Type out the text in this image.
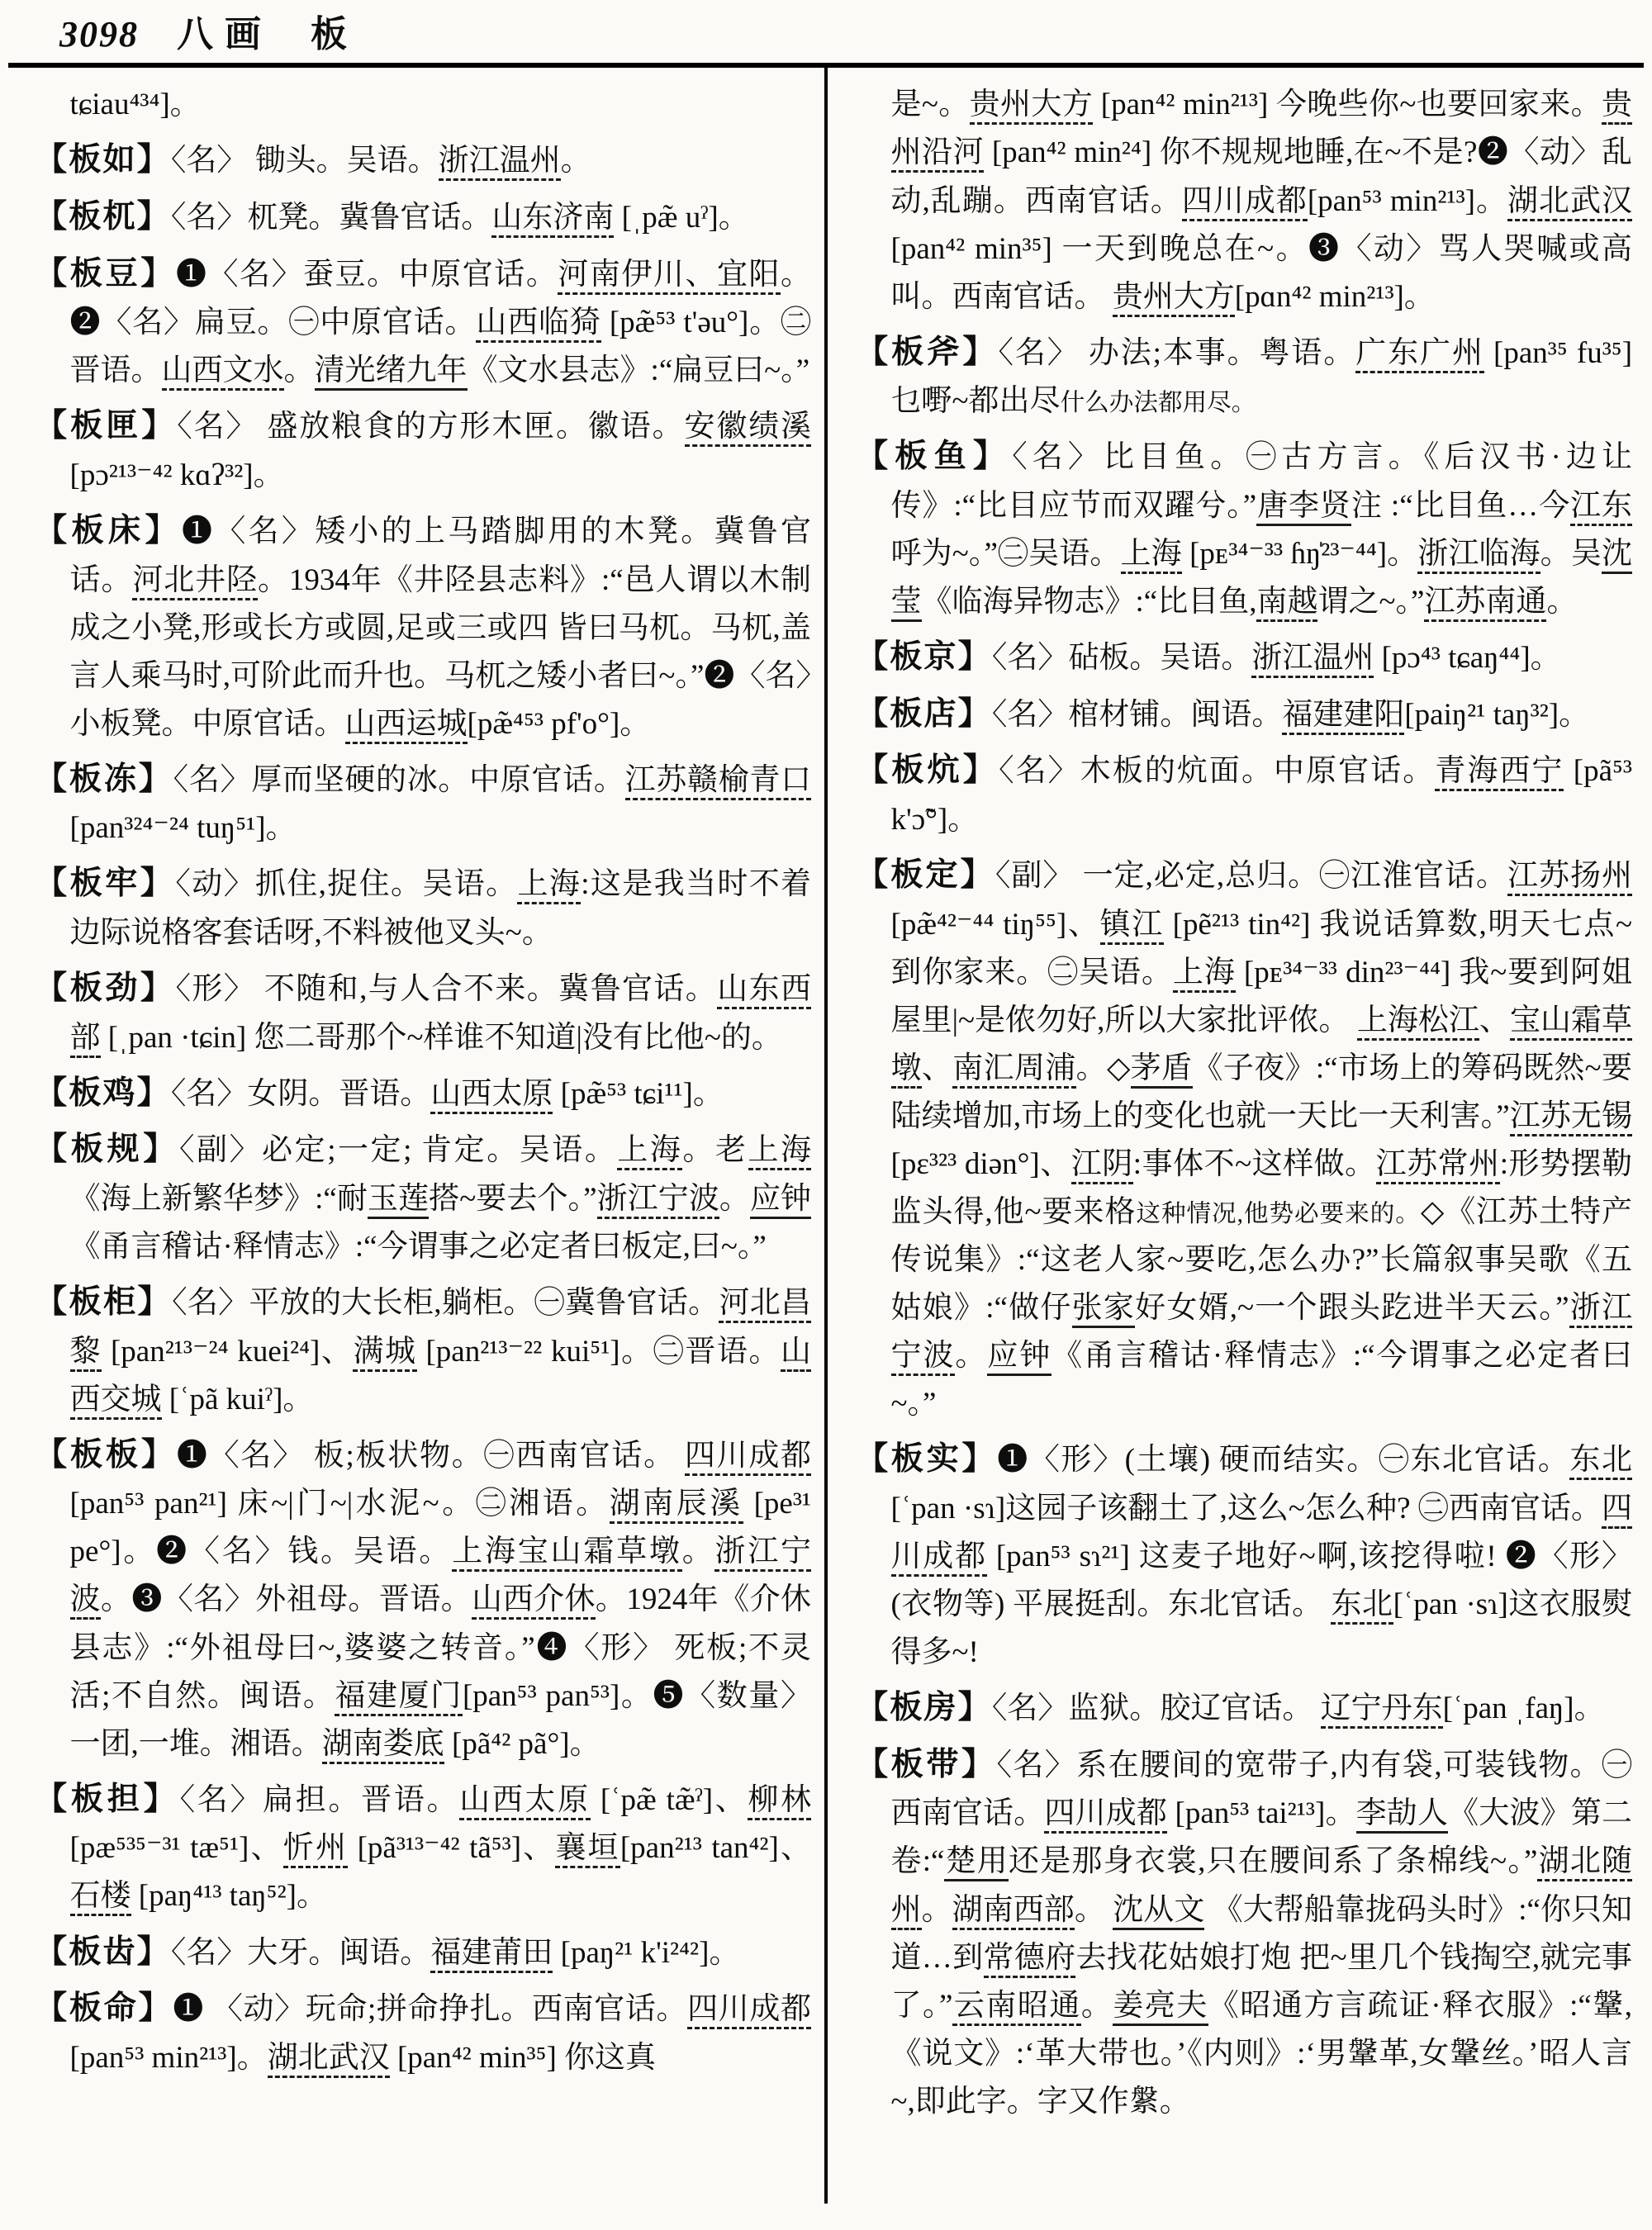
3098 八画 板
tɕiau⁴³⁴]。
【板如】〈名〉 锄头。吴语。浙江温州。
【板杌】〈名〉杌凳。冀鲁官话。山东济南 [ˌpæ̃ uˀ]。
【板豆】❶〈名〉蚕豆。中原官话。河南伊川、宜阳。❷〈名〉扁豆。㊀中原官话。山西临猗 [pæ̃⁵³ t'əu°]。㊁晋语。山西文水。清光绪九年《文水县志》:“扁豆曰~。”
【板匣】〈名〉 盛放粮食的方形木匣。徽语。安徽绩溪 [pɔ²¹³⁻⁴² kɑʔ³²]。
【板床】❶〈名〉矮小的上马踏脚用的木凳。冀鲁官话。河北井陉。1934年《井陉县志料》:“邑人谓以木制成之小凳,形或长方或圆,足或三或四 皆曰马杌。马杌,盖言人乘马时,可阶此而升也。马杌之矮小者曰~。”❷〈名〉小板凳。中原官话。山西运城[pæ̃⁴⁵³ pf'o°]。
【板冻】〈名〉厚而坚硬的冰。中原官话。江苏赣榆青口 [pan³²⁴⁻²⁴ tuŋ⁵¹]。
【板牢】〈动〉抓住,捉住。吴语。上海:这是我当时不着边际说格客套话呀,不料被他叉头~。
【板劲】〈形〉 不随和,与人合不来。冀鲁官话。山东西部 [ˌpan ·tɕin] 您二哥那个~样谁不知道|没有比他~的。
【板鸡】〈名〉女阴。晋语。山西太原 [pæ̃⁵³ tɕi¹¹]。
【板规】〈副〉必定;一定; 肯定。吴语。上海。老上海《海上新繁华梦》:“耐玉莲搭~要去个。”浙江宁波。应钟《甬言稽诂·释情志》:“今谓事之必定者曰板定,曰~。”
【板柜】〈名〉平放的大长柜,躺柜。㊀冀鲁官话。河北昌黎 [pan²¹³⁻²⁴ kuei²⁴]、满城 [pan²¹³⁻²² kui⁵¹]。㊁晋语。山西交城 [ʿpã kuiˀ]。
【板板】❶〈名〉 板;板状物。㊀西南官话。 四川成都 [pan⁵³ pan²¹] 床~|门~|水泥~。㊁湘语。湖南辰溪 [pe³¹ pe°]。❷〈名〉钱。吴语。上海宝山霜草墩。浙江宁波。❸〈名〉外祖母。晋语。山西介休。1924年《介休县志》:“外祖母曰~,婆婆之转音。”❹〈形〉 死板;不灵活;不自然。闽语。福建厦门[pan⁵³ pan⁵³]。❺〈数量〉一团,一堆。湘语。湖南娄底 [pã⁴² pã°]。
【板担】〈名〉扁担。晋语。山西太原 [ʿpæ̃ tæ̃ˀ]、柳林[pæ⁵³⁵⁻³¹ tæ⁵¹]、忻州 [pã³¹³⁻⁴² tã⁵³]、襄垣[pan²¹³ tan⁴²]、石楼 [paŋ⁴¹³ taŋ⁵²]。
【板齿】〈名〉大牙。闽语。福建莆田 [paŋ²¹ k'i²⁴²]。
【板命】❶ 〈动〉玩命;拼命挣扎。西南官话。四川成都[pan⁵³ min²¹³]。湖北武汉 [pan⁴² min³⁵] 你这真
是~。贵州大方 [pan⁴² min²¹³] 今晚些你~也要回家来。贵州沿河 [pan⁴² min²⁴] 你不规规地睡,在~不是?❷〈动〉乱动,乱蹦。西南官话。四川成都[pan⁵³ min²¹³]。湖北武汉[pan⁴² min³⁵] 一天到晚总在~。❸〈动〉骂人哭喊或高叫。西南官话。 贵州大方[pɑn⁴² min²¹³]。
【板斧】〈名〉 办法;本事。粤语。广东广州 [pan³⁵ fu³⁵] 乜嘢~都出尽什么办法都用尽。
【板鱼】〈名〉比目鱼。㊀古方言。《后汉书·边让传》:“比目应节而双躍兮。”唐李贤注 :“比目鱼…今江东呼为~。”㊁吴语。上海 [pᴇ³⁴⁻³³ ɦŋ̍²³⁻⁴⁴]。浙江临海。吴沈莹《临海异物志》:“比目鱼,南越谓之~。”江苏南通。
【板京】〈名〉砧板。吴语。浙江温州 [pɔ⁴³ tɕaŋ⁴⁴]。
【板店】〈名〉棺材铺。闽语。福建建阳[paiŋ²¹ taŋ³²]。
【板炕】〈名〉木板的炕面。中原官话。青海西宁 [pã⁵³ k'ɔ̃°]。
【板定】〈副〉 一定,必定,总归。㊀江淮官话。江苏扬州 [pæ̃⁴²⁻⁴⁴ tiŋ⁵⁵]、镇江 [pẽ²¹³ tin⁴²] 我说话算数,明天七点~到你家来。㊁吴语。上海 [pᴇ³⁴⁻³³ din²³⁻⁴⁴] 我~要到阿姐屋里|~是侬勿好,所以大家批评侬。 上海松江、宝山霜草墩、南汇周浦。◇茅盾《子夜》:“市场上的筹码既然~要陆续增加,市场上的变化也就一天比一天利害。”江苏无锡 [pɛ³²³ diən°]、江阴:事体不~这样做。江苏常州:形势摆勒监头得,他~要来格这种情况,他势必要来的。◇《江苏土特产传说集》:“这老人家~要吃,怎么办?”长篇叙事吴歌《五姑娘》:“做仔张家好女婿,~一个跟头趷进半天云。”浙江宁波。应钟《甬言稽诂·释情志》:“今谓事之必定者曰~。”
【板实】❶〈形〉(土壤) 硬而结实。㊀东北官话。东北[ʿpan ·sɿ]这园子该翻土了,这么~怎么种? ㊁西南官话。四川成都 [pan⁵³ sɿ²¹] 这麦子地好~啊,该挖得啦! ❷〈形〉(衣物等) 平展挺刮。东北官话。 东北[ʿpan ·sɿ]这衣服熨得多~!
【板房】〈名〉监狱。胶辽官话。 辽宁丹东[ʿpan ˌfaŋ]。
【板带】〈名〉系在腰间的宽带子,内有袋,可装钱物。㊀西南官话。四川成都 [pan⁵³ tai²¹³]。李劼人《大波》第二卷:“楚用还是那身衣裳,只在腰间系了条棉线~。”湖北随州。湖南西部。 沈从文 《大帮船靠拢码头时》:“你只知道…到常德府去找花姑娘打炮 把~里几个钱掏空,就完事了。”云南昭通。姜亮夫《昭通方言疏证·释衣服》:“鞶,《说文》:‘革大带也。’《内则》:‘男鞶革,女鞶丝。’昭人言~,即此字。字又作縏。
